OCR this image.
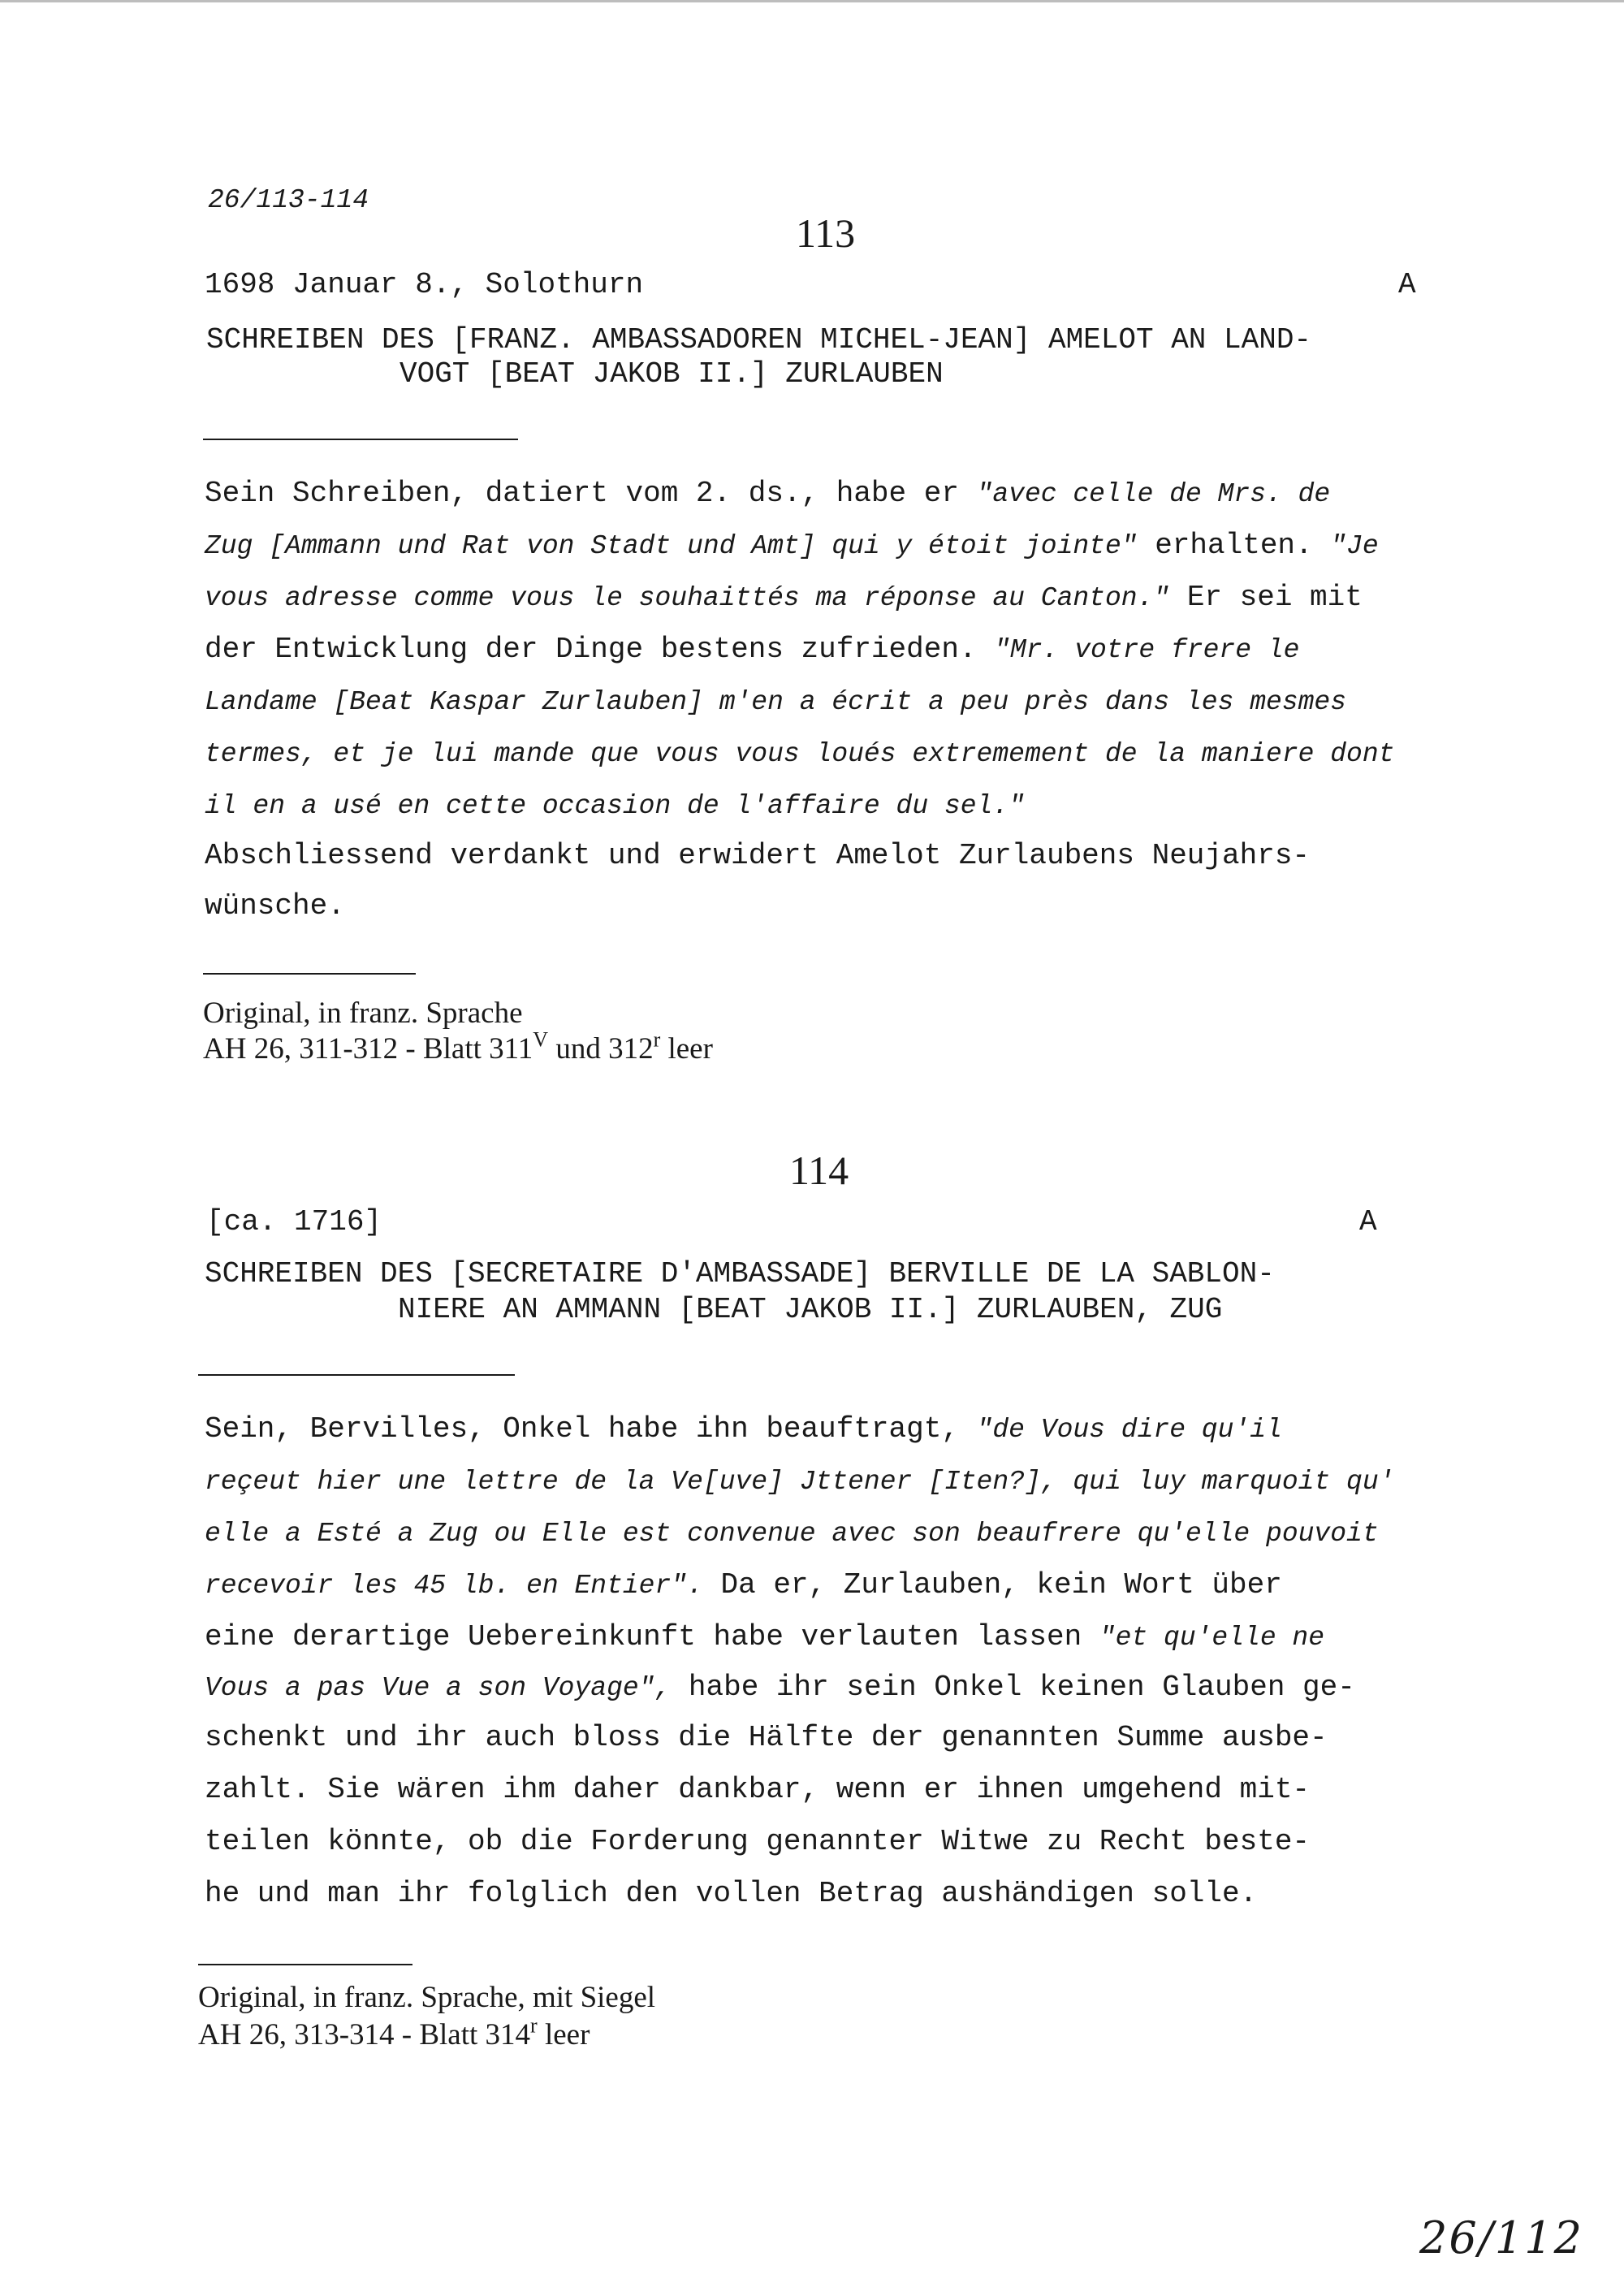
26/113-114
113
1698 Januar 8., Solothurn	A
SCHREIBEN DES [FRANZ. AMBASSADOREN MICHEL-JEAN] AMELOT AN LAND-
VOGT [BEAT JAKOB II.] ZURLAUBEN
Sein Schreiben, datiert vom 2. ds., habe er "avec celle de Mrs. de
Zug [Ammann und Rat von Stadt und Amt] qui y étoit jointe" erhalten. "Je
vous adresse comme vous le souhaittés ma réponse au Canton." Er sei mit
der Entwicklung der Dinge bestens zufrieden. "Mr. votre frere le
Landame [Beat Kaspar Zurlauben] m'en a écrit a peu près dans les mesmes
termes, et je lui mande que vous vous loués extremement de la maniere dont
il en a usé en cette occasion de l'affaire du sel."
Abschliessend verdankt und erwidert Amelot Zurlaubens Neujahrs-
wünsche.
Original, in franz. Sprache
AH 26, 311-312 - Blatt $311^V$ und 312$^r$ leer
114
[ca. 1716]	A
SCHREIBEN DES [SECRETAIRE D'AMBASSADE] BERVILLE DE LA SABLON-
NIERE AN AMMANN [BEAT JAKOB II.] ZURLAUBEN, ZUG
Sein, Bervilles, Onkel habe ihn beauftragt, "de Vous dire qu'il
reçeut hier une lettre de la Ve[uve] Jttener [Iten?], qui luy marquoit qu'
elle a Esté a Zug ou Elle est convenue avec son beaufrere qu'elle pouvoit
recevoir les 45 lb. en Entier". Da er, Zurlauben, kein Wort über
eine derartige Uebereinkunft habe verlauten lassen "et qu'elle ne
Vous a pas Vue a son Voyage", habe ihr sein Onkel keinen Glauben ge-
schenkt und ihr auch bloss die Hälfte der genannten Summe ausbe-
zahlt. Sie wären ihm daher dankbar, wenn er ihnen umgehend mit-
teilen könnte, ob die Forderung genannter Witwe zu Recht beste-
he und man ihr folglich den vollen Betrag aushändigen solle.
Original, in franz. Sprache, mit Siegel
AH 26, 313-314 - Blatt 314$^r$ leer
26/112
